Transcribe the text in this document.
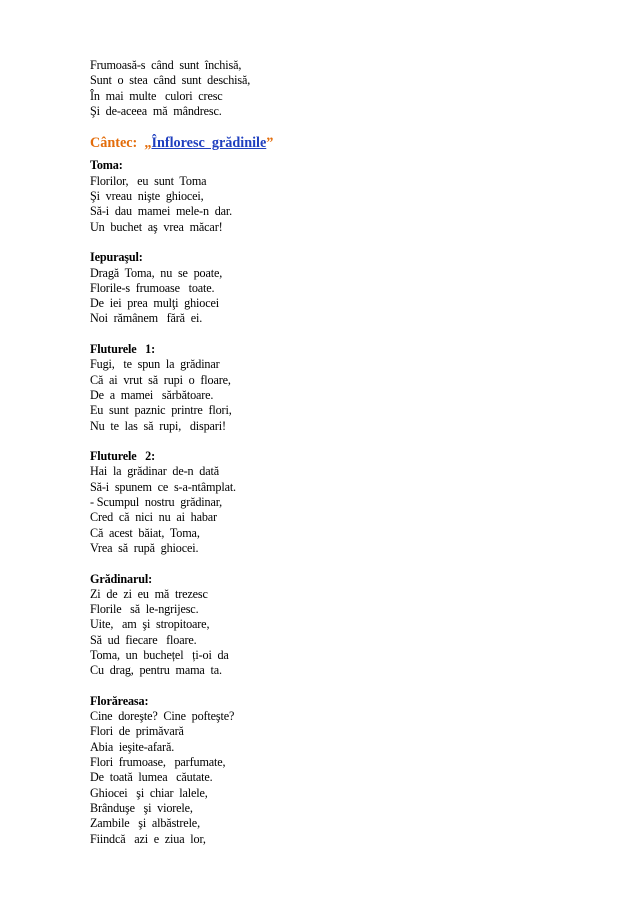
Frumoasă-s  când  sunt  închisă,
Sunt  o  stea  când  sunt  deschisă,
În  mai  multe   culori  cresc
Şi  de-aceea  mă  mândresc.
Cântec:  „Înfloresc  grădinile”
Toma:
Florilor,   eu  sunt  Toma
Şi  vreau  nişte  ghiocei,
Să-i  dau  mamei  mele-n  dar.
Un  buchet  aş  vrea  măcar!
Iepuraşul:
Dragă  Toma,  nu  se  poate,
Florile-s  frumoase   toate.
De  iei  prea  mulţi  ghiocei
Noi  rămânem   fără  ei.
Fluturele   1:
Fugi,   te  spun  la  grădinar
Că  ai  vrut  să  rupi  o  floare,
De  a  mamei   sărbătoare.
Eu  sunt  paznic  printre  flori,
Nu  te  las  să  rupi,   dispari!
Fluturele   2:
Hai  la  grădinar  de-n  dată
Să-i  spunem  ce  s-a-ntâmplat.
- Scumpul  nostru  grădinar,
Cred  că  nici  nu  ai  habar
Că  acest  băiat,  Toma,
Vrea  să  rupă  ghiocei.
Grădinarul:
Zi  de  zi  eu  mă  trezesc
Florile   să  le-ngrijesc.
Uite,   am  şi  stropitoare,
Să  ud  fiecare   floare.
Toma,  un  buchețel   ți-oi  da
Cu  drag,  pentru  mama  ta.
Florăreasa:
Cine  doreşte?  Cine  pofteşte?
Flori  de  primăvară
Abia  ieşite-afară.
Flori  frumoase,   parfumate,
De  toată  lumea   căutate.
Ghiocei   şi  chiar  lalele,
Brânduşe   şi  viorele,
Zambile   şi  albăstrele,
Fiindcă   azi  e  ziua  lor,
